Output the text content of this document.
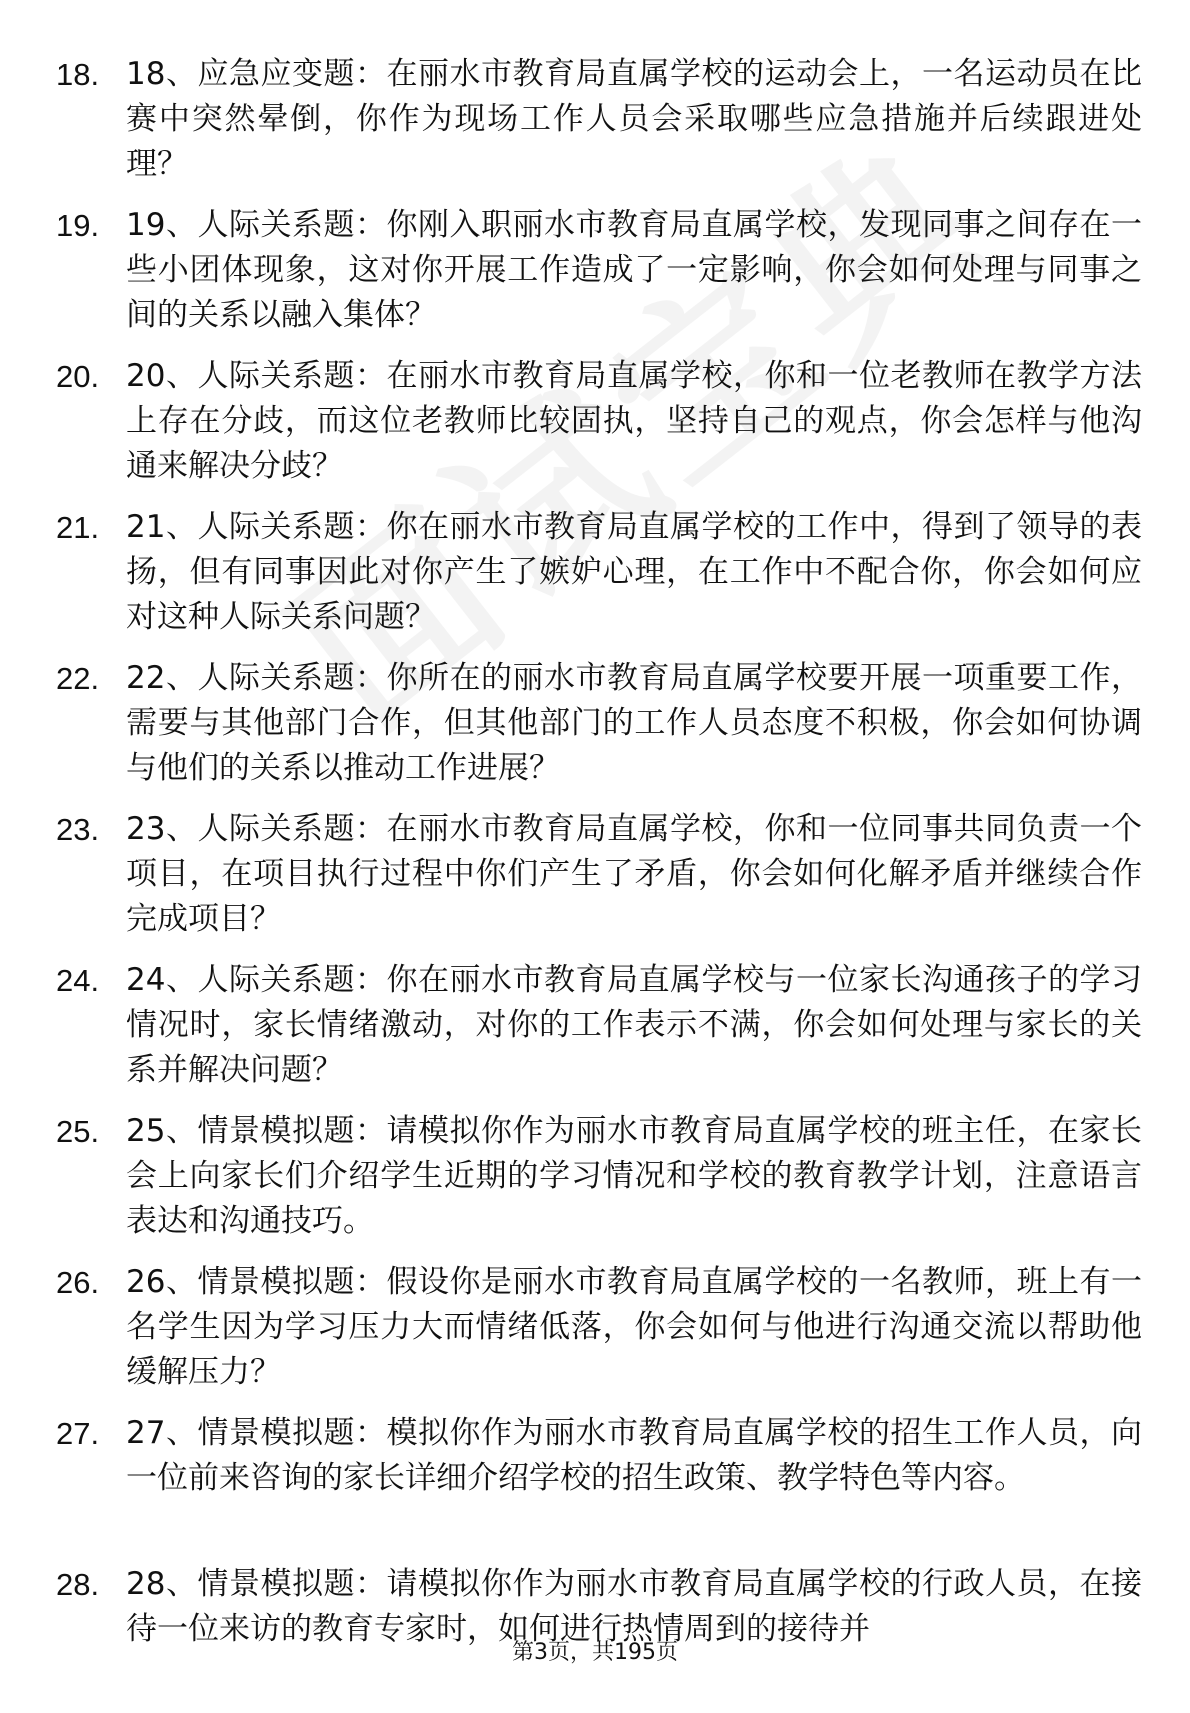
18. 18、应急应变题：在丽水市教育局直属学校的运动会上，一名运动员在比赛中突然晕倒，你作为现场工作人员会采取哪些应急措施并后续跟进处理？

19. 19、人际关系题：你刚入职丽水市教育局直属学校，发现同事之间存在一些小团体现象，这对你开展工作造成了一定影响，你会如何处理与同事之间的关系以融入集体？

20. 20、人际关系题：在丽水市教育局直属学校，你和一位老教师在教学方法上存在分歧，而这位老教师比较固执，坚持自己的观点，你会怎样与他沟通来解决分歧？

21. 21、人际关系题：你在丽水市教育局直属学校的工作中，得到了领导的表扬，但有同事因此对你产生了嫉妒心理，在工作中不配合你，你会如何应对这种人际关系问题？

22. 22、人际关系题：你所在的丽水市教育局直属学校要开展一项重要工作，需要与其他部门合作，但其他部门的工作人员态度不积极，你会如何协调与他们的关系以推动工作进展？

23. 23、人际关系题：在丽水市教育局直属学校，你和一位同事共同负责一个项目，在项目执行过程中你们产生了矛盾，你会如何化解矛盾并继续合作完成项目？

24. 24、人际关系题：你在丽水市教育局直属学校与一位家长沟通孩子的学习情况时，家长情绪激动，对你的工作表示不满，你会如何处理与家长的关系并解决问题？

25. 25、情景模拟题：请模拟你作为丽水市教育局直属学校的班主任，在家长会上向家长们介绍学生近期的学习情况和学校的教育教学计划，注意语言表达和沟通技巧。

26. 26、情景模拟题：假设你是丽水市教育局直属学校的一名教师，班上有一名学生因为学习压力大而情绪低落，你会如何与他进行沟通交流以帮助他缓解压力？

27. 27、情景模拟题：模拟你作为丽水市教育局直属学校的招生工作人员，向一位前来咨询的家长详细介绍学校的招生政策、教学特色等内容。

28. 28、情景模拟题：请模拟你作为丽水市教育局直属学校的行政人员，在接待一位来访的教育专家时，如何进行热情周到的接待并

第3页，共195页
